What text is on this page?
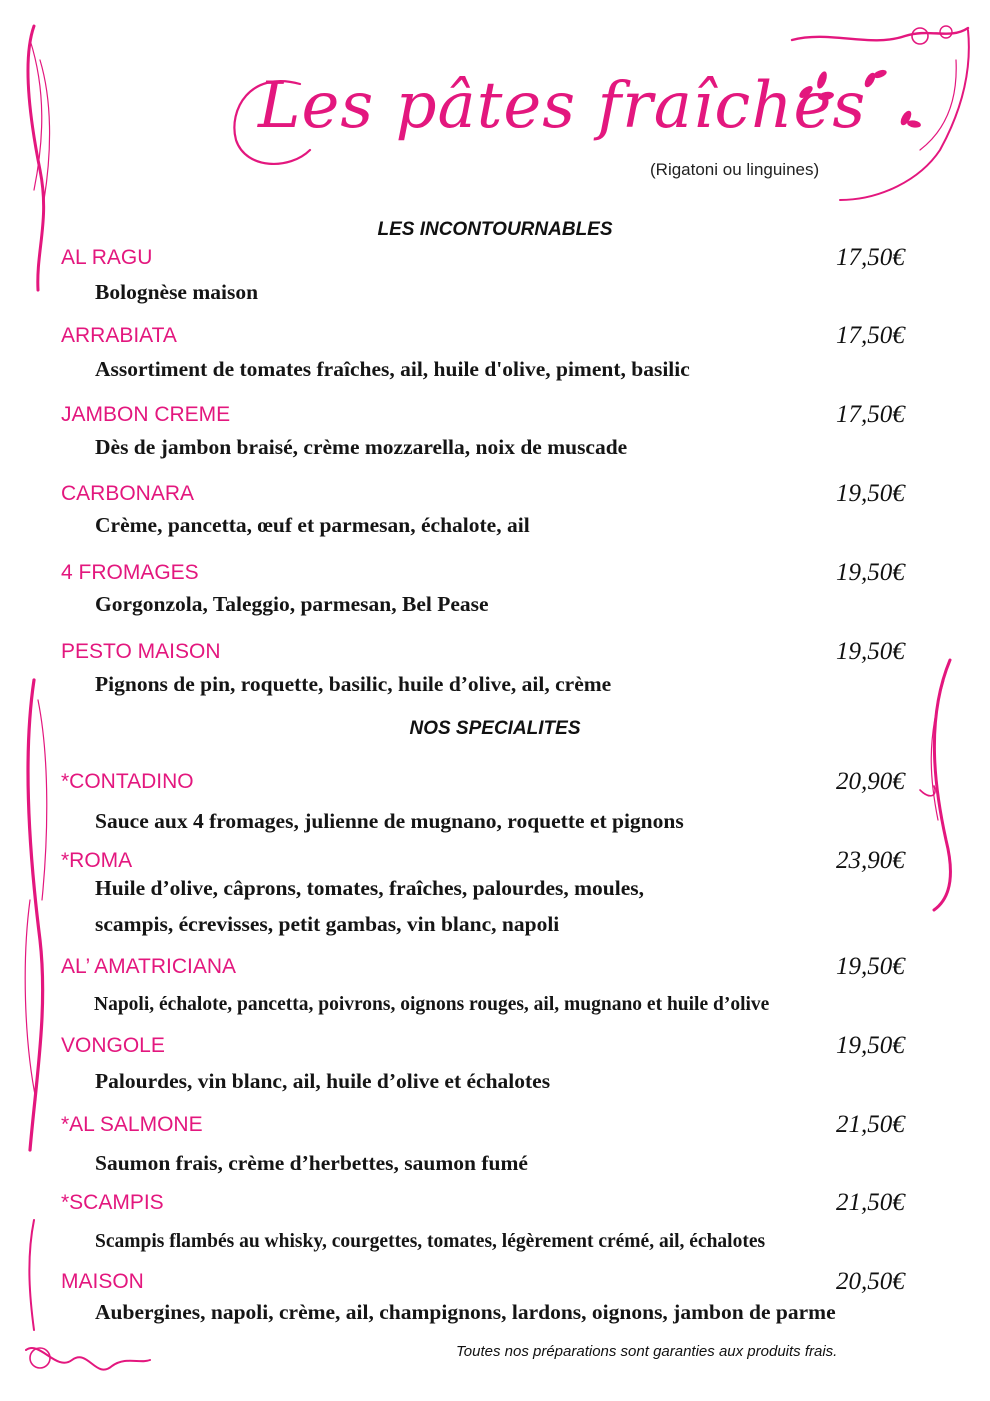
Les pâtes fraîches
(Rigatoni ou linguines)
LES INCONTOURNABLES
AL RAGU	17,50€
Bolognèse maison
ARRABIATA	17,50€
Assortiment de tomates fraîches, ail, huile d'olive, piment, basilic
JAMBON CREME	17,50€
Dès de jambon braisé, crème mozzarella, noix de muscade
CARBONARA	19,50€
Crème, pancetta, œuf et parmesan, échalote, ail
4 FROMAGES	19,50€
Gorgonzola, Taleggio, parmesan, Bel Pease
PESTO MAISON	19,50€
Pignons de pin, roquette, basilic, huile d’olive, ail, crème
NOS SPECIALITES
*CONTADINO	20,90€
Sauce aux 4 fromages, julienne de mugnano, roquette et pignons
*ROMA	23,90€
Huile d’olive, câprons, tomates, fraîches, palourdes, moules,
scampis, écrevisses, petit gambas, vin blanc, napoli
AL’ AMATRICIANA	19,50€
Napoli, échalote, pancetta, poivrons, oignons rouges, ail, mugnano et huile d’olive
VONGOLE	19,50€
Palourdes, vin blanc, ail, huile d’olive et échalotes
*AL SALMONE	21,50€
Saumon frais, crème d’herbettes, saumon fumé
*SCAMPIS	21,50€
Scampis flambés au whisky, courgettes, tomates, légèrement crémé, ail, échalotes
MAISON	20,50€
Aubergines, napoli, crème, ail, champignons, lardons, oignons, jambon de parme
Toutes nos préparations sont garanties aux produits frais.
